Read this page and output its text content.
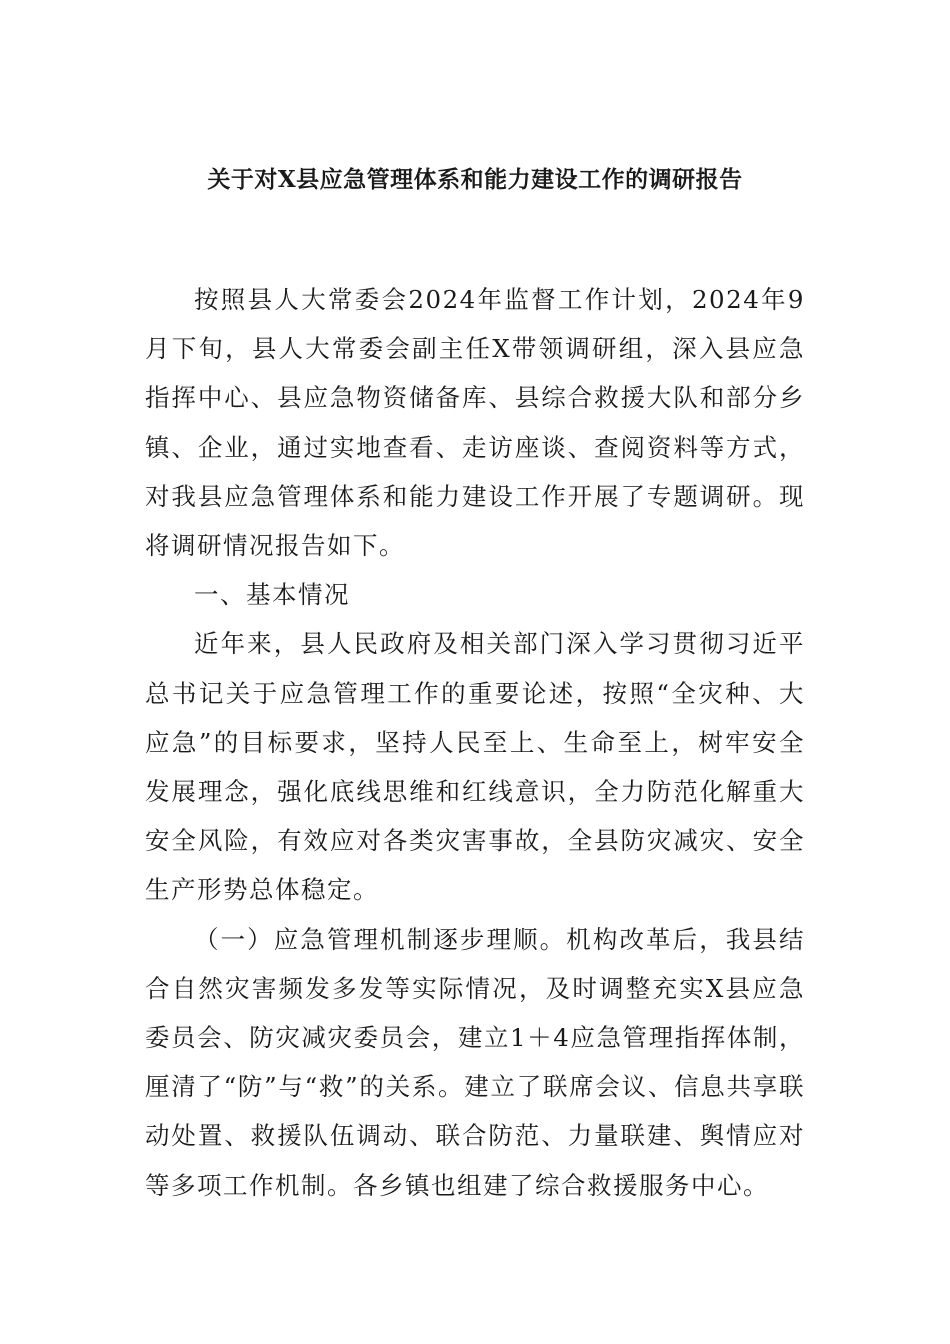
关于对X县应急管理体系和能力建设工作的调研报告

按照县人大常委会2024年监督工作计划，2024年9月下旬，县人大常委会副主任X带领调研组，深入县应急指挥中心、县应急物资储备库、县综合救援大队和部分乡镇、企业，通过实地查看、走访座谈、查阅资料等方式，对我县应急管理体系和能力建设工作开展了专题调研。现将调研情况报告如下。

一、基本情况

近年来，县人民政府及相关部门深入学习贯彻习近平总书记关于应急管理工作的重要论述，按照“全灾种、大应急”的目标要求，坚持人民至上、生命至上，树牢安全发展理念，强化底线思维和红线意识，全力防范化解重大安全风险，有效应对各类灾害事故，全县防灾减灾、安全生产形势总体稳定。

（一）应急管理机制逐步理顺。机构改革后，我县结合自然灾害频发多发等实际情况，及时调整充实X县应急委员会、防灾减灾委员会，建立1＋4应急管理指挥体制，厘清了“防”与“救”的关系。建立了联席会议、信息共享联动处置、救援队伍调动、联合防范、力量联建、舆情应对等多项工作机制。各乡镇也组建了综合救援服务中心。
